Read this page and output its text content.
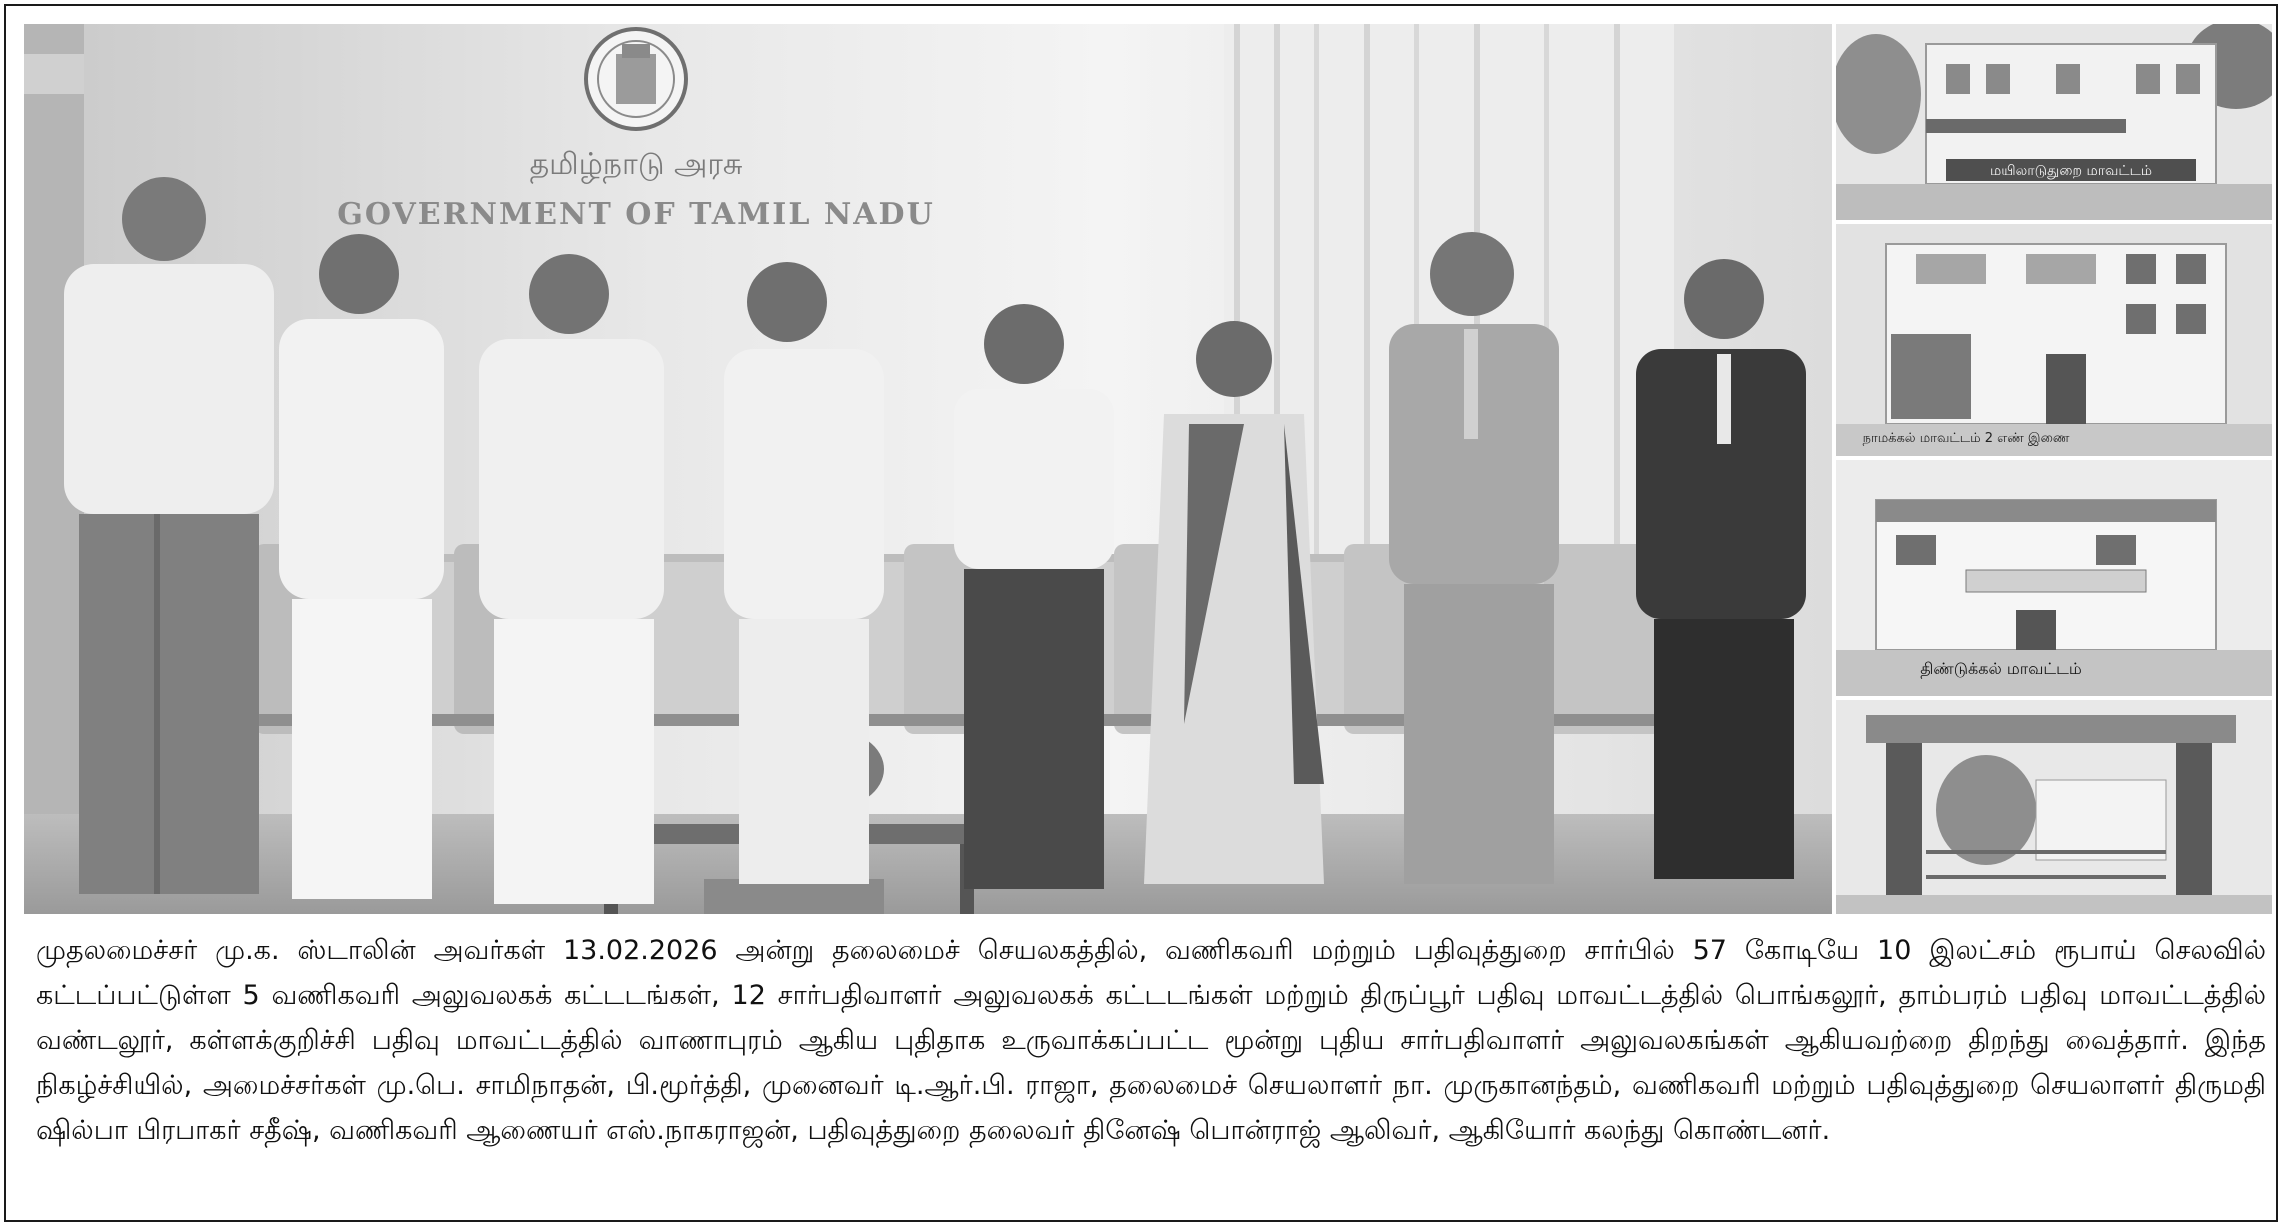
தமிழ்நாடு அரசு
GOVERNMENT OF TAMIL NADU
மயிலாடுதுறை மாவட்டம்
நாமக்கல் மாவட்டம் 2 எண் இணை
திண்டுக்கல் மாவட்டம்

முதலமைச்சர் மு.க. ஸ்டாலின் அவர்கள் 13.02.2026 அன்று தலைமைச் செயலகத்தில், வணிகவரி மற்றும் பதிவுத்துறை சார்பில் 57 கோடியே 10 இலட்சம் ரூபாய் செலவில் கட்டப்பட்டுள்ள 5 வணிகவரி அலுவலகக் கட்டடங்கள், 12 சார்பதிவாளர் அலுவலகக் கட்டடங்கள் மற்றும் திருப்பூர் பதிவு மாவட்டத்தில் பொங்கலூர், தாம்பரம் பதிவு மாவட்டத்தில் வண்டலூர், கள்ளக்குறிச்சி பதிவு மாவட்டத்தில் வாணாபுரம் ஆகிய புதிதாக உருவாக்கப்பட்ட மூன்று புதிய சார்பதிவாளர் அலுவலகங்கள் ஆகியவற்றை திறந்து வைத்தார். இந்த நிகழ்ச்சியில், அமைச்சர்கள் மு.பெ. சாமிநாதன், பி.மூர்த்தி, முனைவர் டி.ஆர்.பி. ராஜா, தலைமைச் செயலாளர் நா. முருகானந்தம், வணிகவரி மற்றும் பதிவுத்துறை செயலாளர் திருமதி ஷில்பா பிரபாகர் சதீஷ், வணிகவரி ஆணையர் எஸ்.நாகராஜன், பதிவுத்துறை தலைவர் தினேஷ் பொன்ராஜ் ஆலிவர், ஆகியோர் கலந்து கொண்டனர்.
